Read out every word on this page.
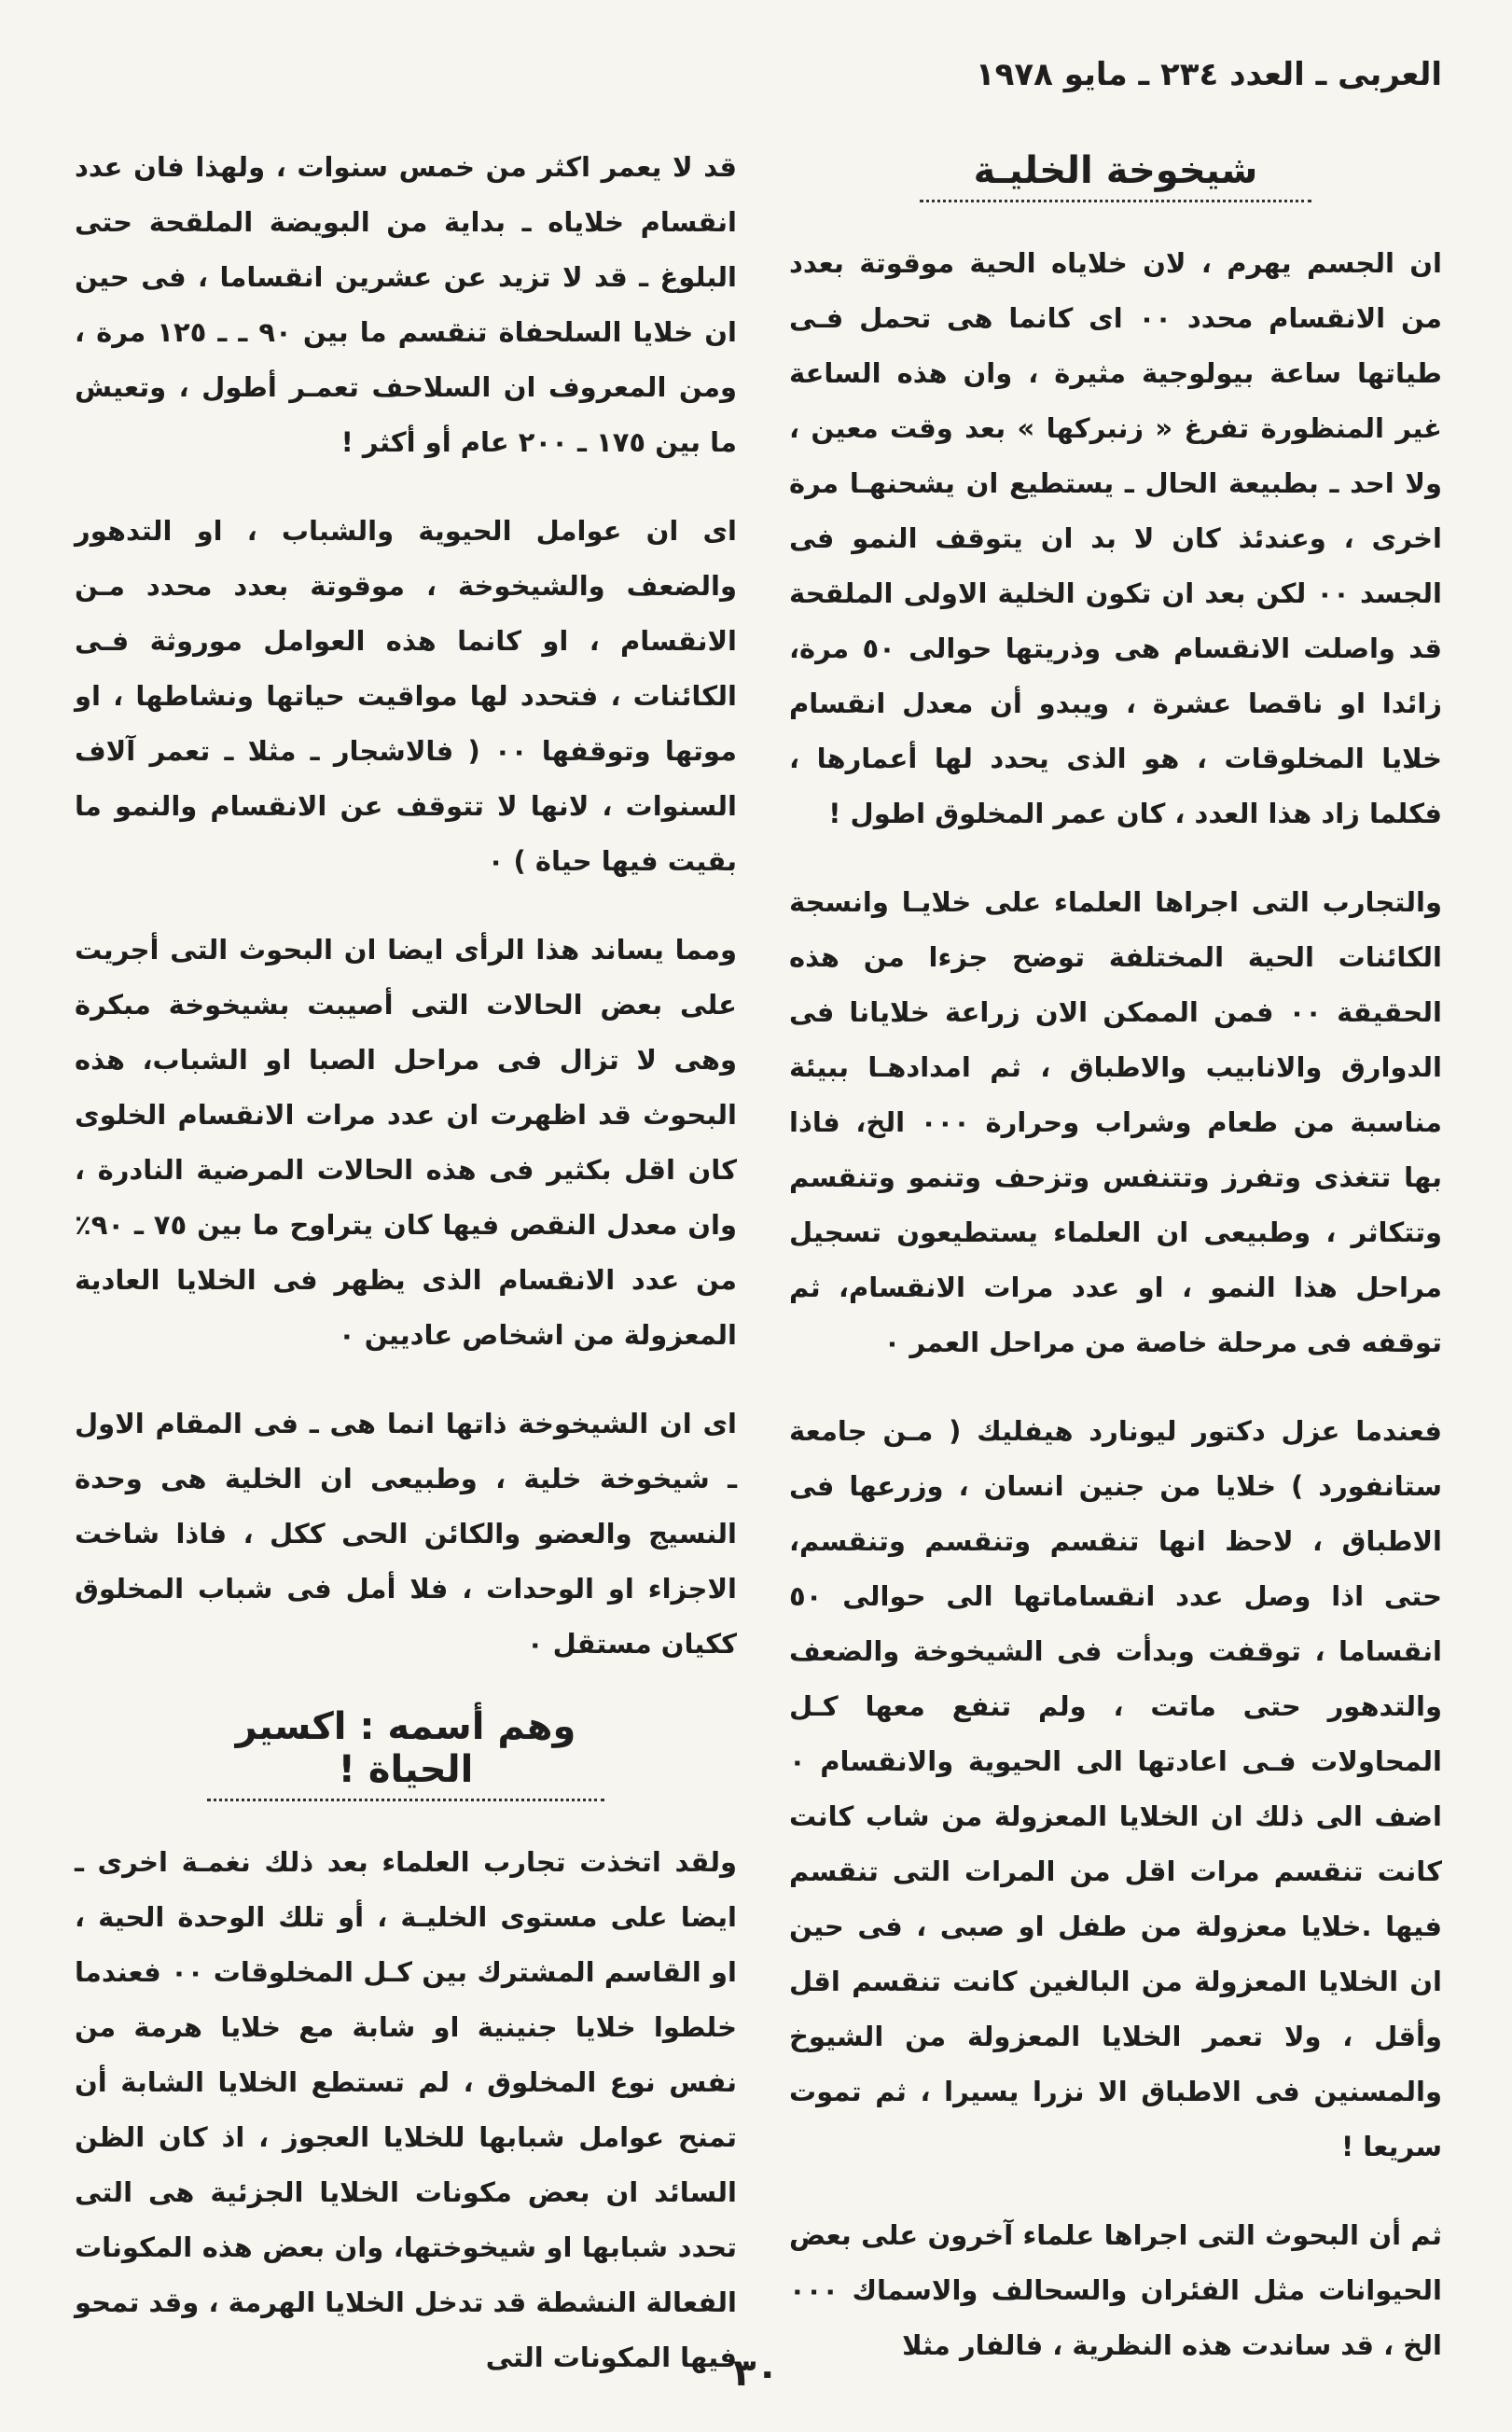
العربى ـ العدد ٢٣٤ ـ مايو ١٩٧٨
شيخوخة الخليـة

ان الجسم يهرم ، لان خلاياه الحية موقوتة بعدد من الانقسام محدد ٠٠ اى كانما هى تحمل فـى طياتها ساعة بيولوجية مثيرة ، وان هذه الساعة غير المنظورة تفرغ « زنبركها » بعد وقت معين ، ولا احد ـ بطبيعة الحال ـ يستطيع ان يشحنهـا مرة اخرى ، وعندئذ كان لا بد ان يتوقف النمو فى الجسد ٠٠ لكن بعد ان تكون الخلية الاولى الملقحة قد واصلت الانقسام هى وذريتها حوالى ٥٠ مرة، زائدا او ناقصا عشرة ، ويبدو أن معدل انقسام خلايا المخلوقات ، هو الذى يحدد لها أعمارها ، فكلما زاد هذا العدد ، كان عمر المخلوق اطول !

والتجارب التى اجراها العلماء على خلايـا وانسجة الكائنات الحية المختلفة توضح جزءا من هذه الحقيقة ٠٠ فمن الممكن الان زراعة خلايانا فى الدوارق والانابيب والاطباق ، ثم امدادهـا ببيئة مناسبة من طعام وشراب وحرارة ٠٠٠ الخ، فاذا بها تتغذى وتفرز وتتنفس وتزحف وتنمو وتنقسم وتتكاثر ، وطبيعى ان العلماء يستطيعون تسجيل مراحل هذا النمو ، او عدد مرات الانقسام، ثم توقفه فى مرحلة خاصة من مراحل العمر ٠

فعندما عزل دكتور ليونارد هيفليك ( مـن جامعة ستانفورد ) خلايا من جنين انسان ، وزرعها فى الاطباق ، لاحظ انها تنقسم وتنقسم وتنقسم، حتى اذا وصل عدد انقساماتها الى حوالى ٥٠ انقساما ، توقفت وبدأت فى الشيخوخة والضعف والتدهور حتى ماتت ، ولم تنفع معها كـل المحاولات فـى اعادتها الى الحيوية والانقسام ٠ اضف الى ذلك ان الخلايا المعزولة من شاب كانت كانت تنقسم مرات اقل من المرات التى تنقسم فيها .خلايا معزولة من طفل او صبى ، فى حين ان الخلايا المعزولة من البالغين كانت تنقسم اقل وأقل ، ولا تعمر الخلايا المعزولة من الشيوخ والمسنين فى الاطباق الا نزرا يسيرا ، ثم تموت سريعا !

ثم أن البحوث التى اجراها علماء آخرون على بعض الحيوانات مثل الفئران والسحالف والاسماك ٠٠٠ الخ ، قد ساندت هذه النظرية ، فالفار مثلا

قد لا يعمر اكثر من خمس سنوات ، ولهذا فان عدد انقسام خلاياه ـ بداية من البويضة الملقحة حتى البلوغ ـ قد لا تزيد عن عشرين انقساما ، فى حين ان خلايا السلحفاة تنقسم ما بين ٩٠ ـ ـ ١٢٥ مرة ، ومن المعروف ان السلاحف تعمـر أطول ، وتعيش ما بين ١٧٥ ـ ٢٠٠ عام أو أكثر !

اى ان عوامل الحيوية والشباب ، او التدهور والضعف والشيخوخة ، موقوتة بعدد محدد مـن الانقسام ، او كانما هذه العوامل موروثة فـى الكائنات ، فتحدد لها مواقيت حياتها ونشاطها ، او موتها وتوقفها ٠٠ ( فالاشجار ـ مثلا ـ تعمر آلاف السنوات ، لانها لا تتوقف عن الانقسام والنمو ما بقيت فيها حياة ) ٠

ومما يساند هذا الرأى ايضا ان البحوث التى أجريت على بعض الحالات التى أصيبت بشيخوخة مبكرة وهى لا تزال فى مراحل الصبا او الشباب، هذه البحوث قد اظهرت ان عدد مرات الانقسام الخلوى كان اقل بكثير فى هذه الحالات المرضية النادرة ، وان معدل النقص فيها كان يتراوح ما بين ٧٥ ـ ٩٠٪ من عدد الانقسام الذى يظهر فى الخلايا العادية المعزولة من اشخاص عاديين ٠

اى ان الشيخوخة ذاتها انما هى ـ فى المقام الاول ـ شيخوخة خلية ، وطبيعى ان الخلية هى وحدة النسيج والعضو والكائن الحى ككل ، فاذا شاخت الاجزاء او الوحدات ، فلا أمل فى شباب المخلوق ككيان مستقل ٠

وهم أسمه : اكسير الحياة !

ولقد اتخذت تجارب العلماء بعد ذلك نغمـة اخرى ـ ايضا على مستوى الخليـة ، أو تلك الوحدة الحية ، او القاسم المشترك بين كـل المخلوقات ٠٠ فعندما خلطوا خلايا جنينية او شابة مع خلايا هرمة من نفس نوع المخلوق ، لم تستطع الخلايا الشابة أن تمنح عوامل شبابها للخلايا العجوز ، اذ كان الظن السائد ان بعض مكونات الخلايا الجزئية هى التى تحدد شبابها او شيخوختها، وان بعض هذه المكونات الفعالة النشطة قد تدخل الخلايا الهرمة ، وقد تمحو فيها المكونات التى

٣٠
